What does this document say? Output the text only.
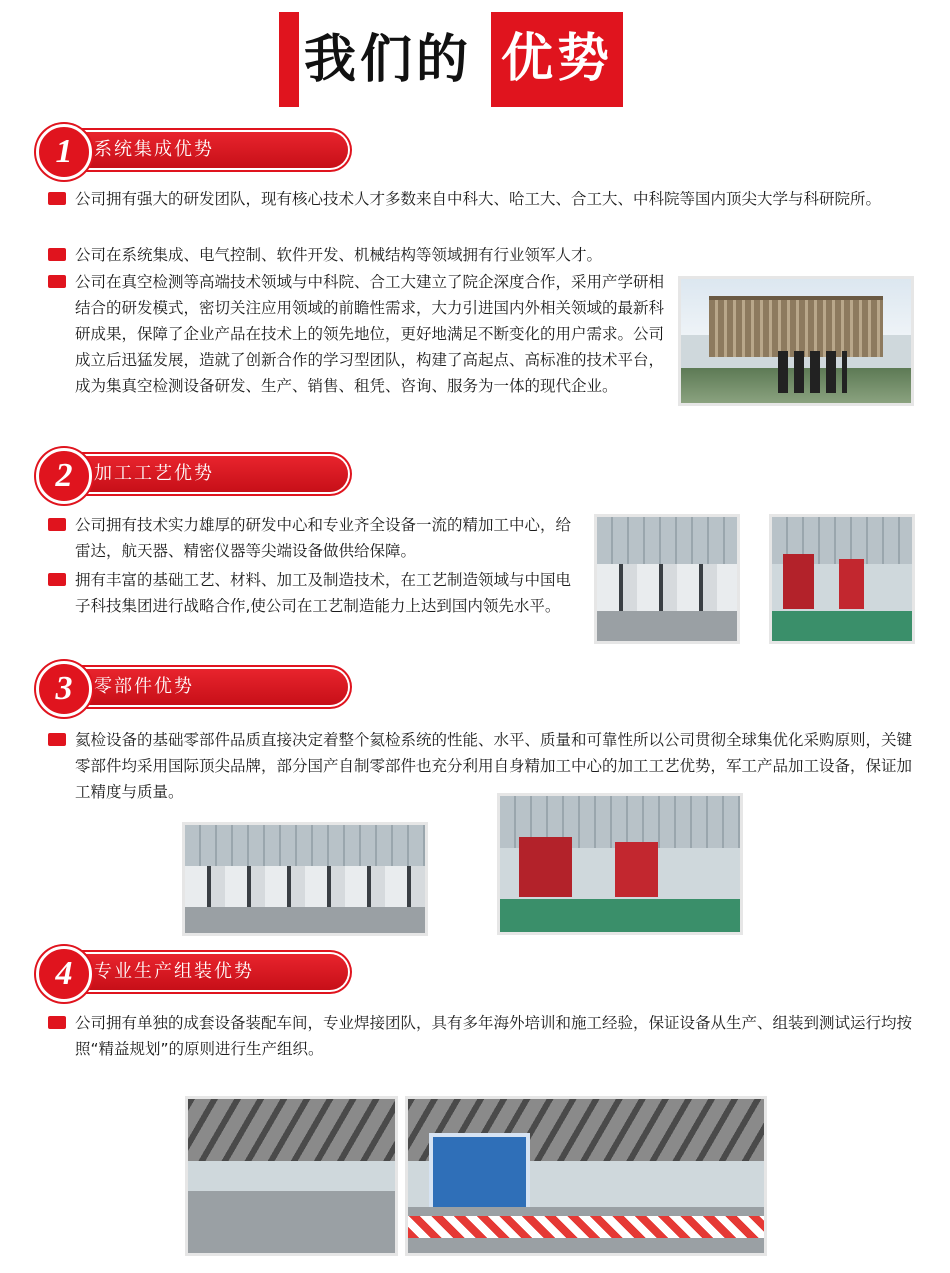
我们的 优势
1	系统集成优势
公司拥有强大的研发团队，现有核心技术人才多数来自中科大、哈工大、合工大、中科院等国内顶尖大学与科研院所。
公司在系统集成、电气控制、软件开发、机械结构等领域拥有行业领军人才。
公司在真空检测等高端技术领域与中科院、合工大建立了院企深度合作，采用产学研相结合的研发模式，密切关注应用领域的前瞻性需求，大力引进国内外相关领域的最新科研成果，保障了企业产品在技术上的领先地位，更好地满足不断变化的用户需求。公司成立后迅猛发展，造就了创新合作的学习型团队，构建了高起点、高标准的技术平台，成为集真空检测设备研发、生产、销售、租凭、咨询、服务为一体的现代企业。
2	加工工艺优势
公司拥有技术实力雄厚的研发中心和专业齐全设备一流的精加工中心，给雷达，航天器、精密仪器等尖端设备做供给保障。
拥有丰富的基础工艺、材料、加工及制造技术，在工艺制造领域与中国电子科技集团进行战略合作,使公司在工艺制造能力上达到国内领先水平。
3	零部件优势
氦检设备的基础零部件品质直接决定着整个氦检系统的性能、水平、质量和可靠性所以公司贯彻全球集优化采购原则，关键零部件均采用国际顶尖品牌，部分国产自制零部件也充分利用自身精加工中心的加工工艺优势，军工产品加工设备，保证加工精度与质量。
4	专业生产组装优势
公司拥有单独的成套设备装配车间，专业焊接团队，具有多年海外培训和施工经验，保证设备从生产、组装到测试运行均按照“精益规划”的原则进行生产组织。
